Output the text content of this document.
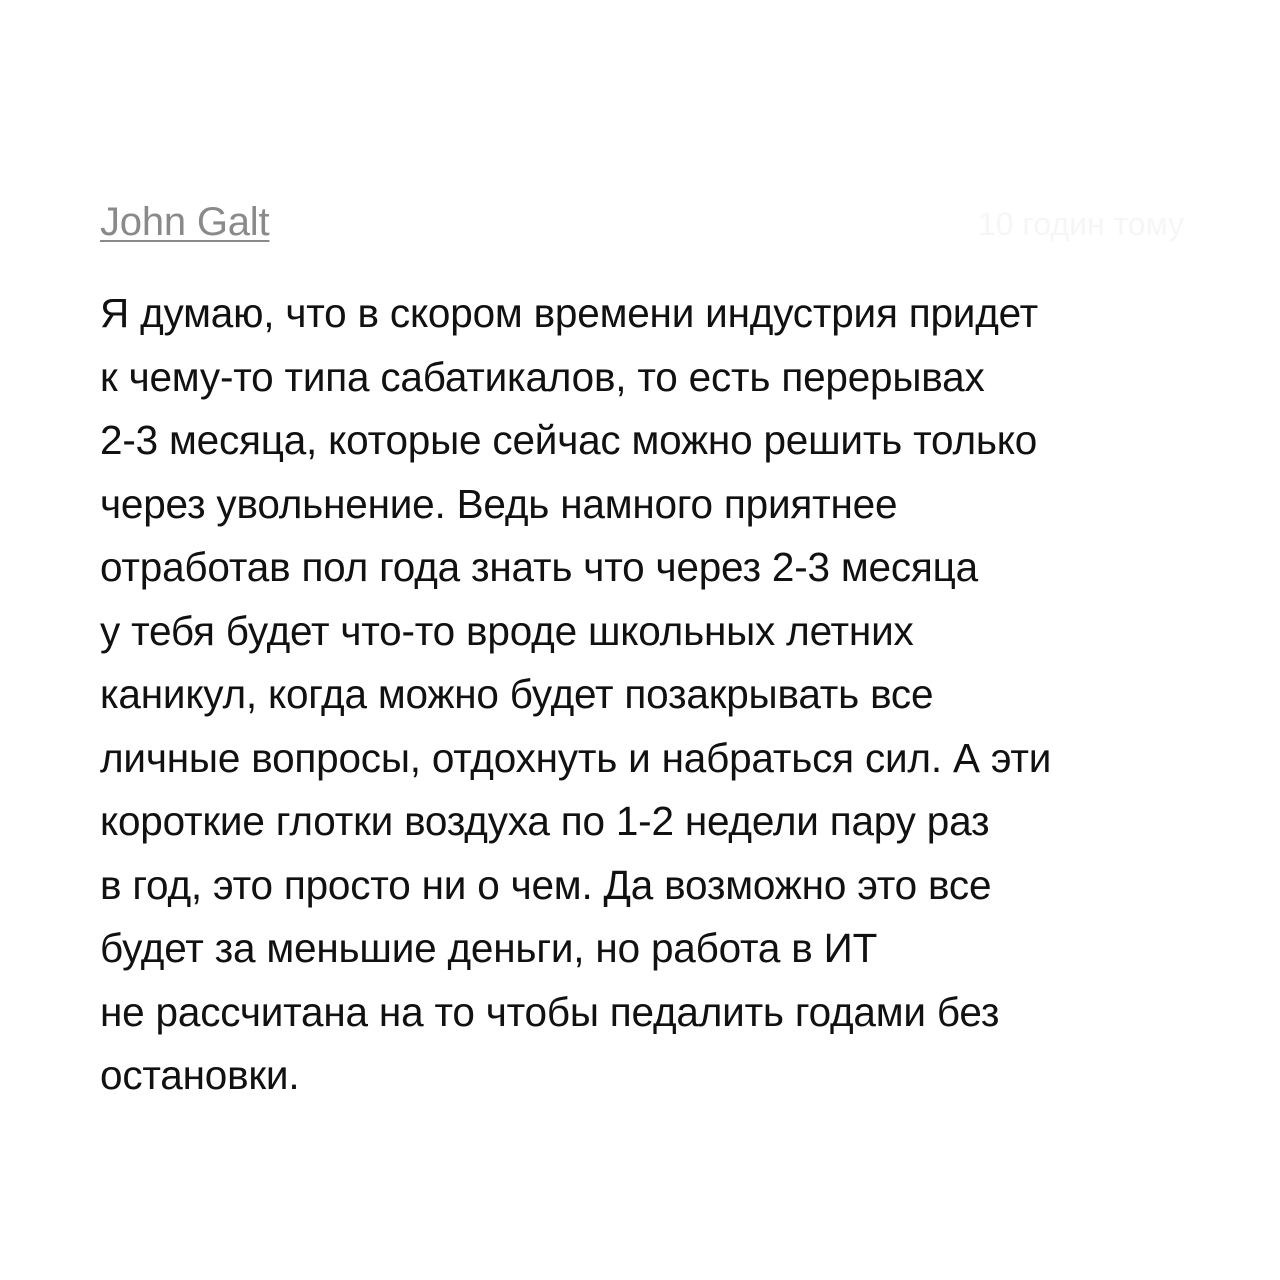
John Galt	10 годин тому
Я думаю, что в скором времени индустрия придет
к чему-то типа сабатикалов, то есть перерывах
2-3 месяца, которые сейчас можно решить только
через увольнение. Ведь намного приятнее
отработав пол года знать что через 2-3 месяца
у тебя будет что-то вроде школьных летних
каникул, когда можно будет позакрывать все
личные вопросы, отдохнуть и набраться сил. А эти
короткие глотки воздуха по 1-2 недели пару раз
в год, это просто ни о чем. Да возможно это все
будет за меньшие деньги, но работа в ИТ
не рассчитана на то чтобы педалить годами без
остановки.
